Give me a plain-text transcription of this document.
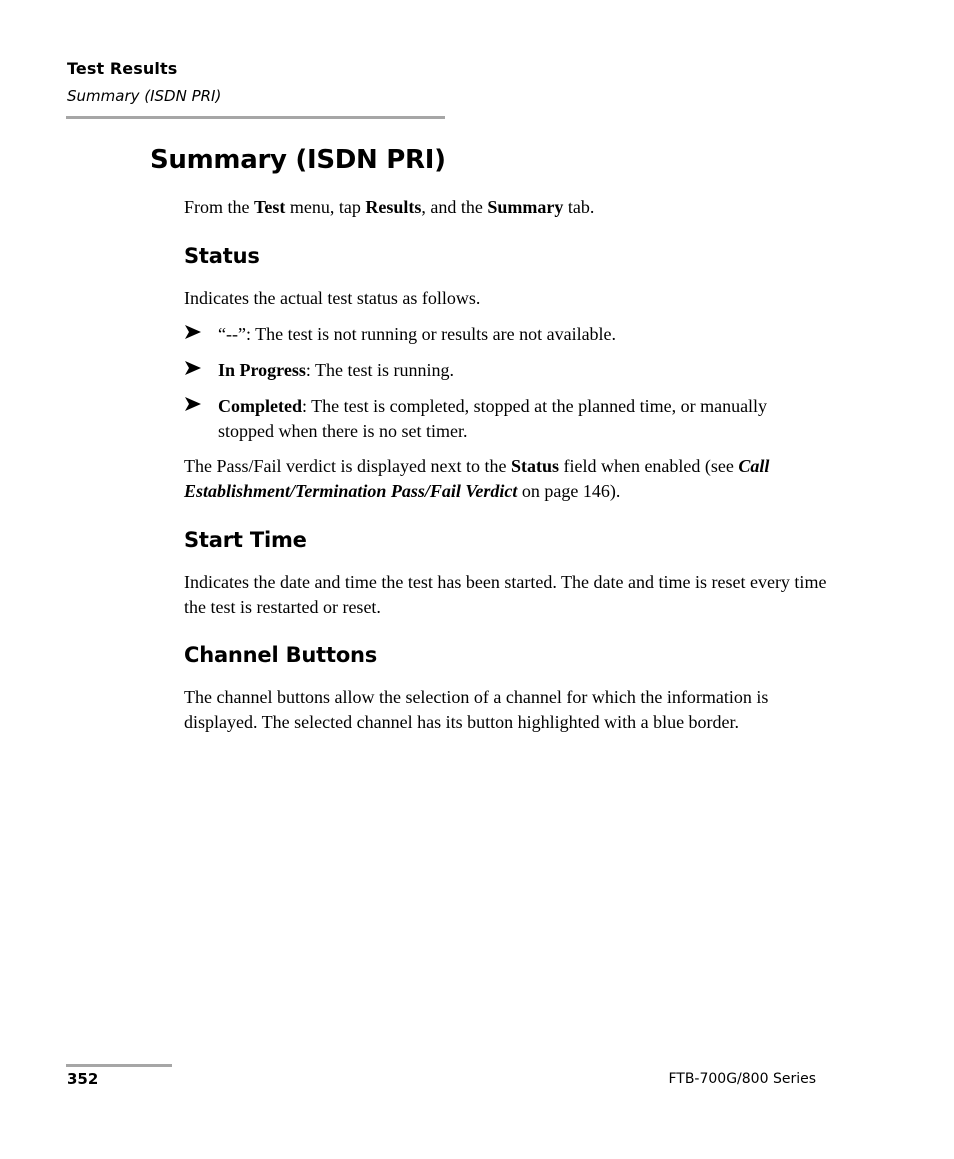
Test Results
Summary (ISDN PRI)
Summary (ISDN PRI)

From the Test menu, tap Results, and the Summary tab.

Status

Indicates the actual test status as follows.

“--”: The test is not running or results are not available.
In Progress: The test is running.
Completed: The test is completed, stopped at the planned time, or manually stopped when there is no set timer.

The Pass/Fail verdict is displayed next to the Status field when enabled (see Call Establishment/Termination Pass/Fail Verdict on page 146).

Start Time

Indicates the date and time the test has been started. The date and time is reset every time the test is restarted or reset.

Channel Buttons

The channel buttons allow the selection of a channel for which the information is displayed. The selected channel has its button highlighted with a blue border.

352	FTB-700G/800 Series
